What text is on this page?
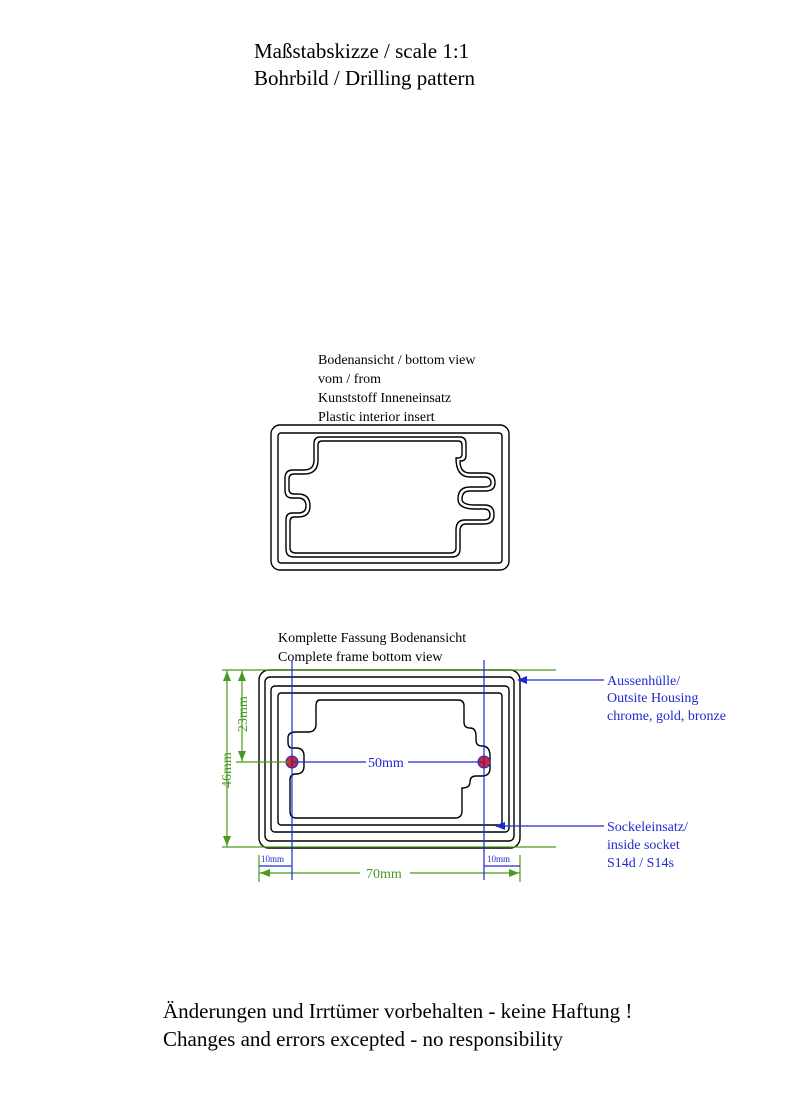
Maßstabskizze / scale 1:1
Bohrbild / Drilling pattern
Bodenansicht / bottom view
vom / from
Kunststoff Inneneinsatz
Plastic interior insert
Komplette Fassung Bodenansicht
Complete frame bottom view
46mm
23mm
70mm
50mm
10mm	10mm
Aussenhülle/
Outsite Housing
chrome, gold, bronze
Sockeleinsatz/
inside socket
S14d / S14s
Änderungen und Irrtümer vorbehalten - keine Haftung !
Changes and errors excepted - no responsibility
